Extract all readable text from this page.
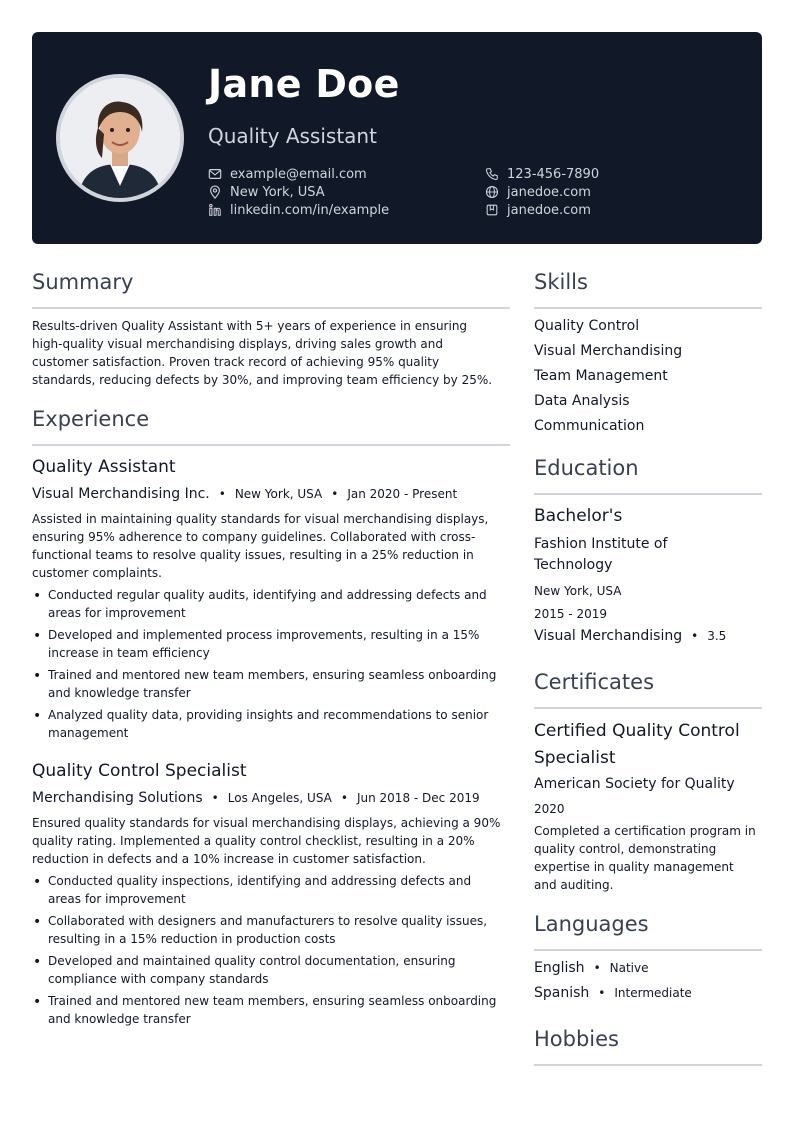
Jane Doe
Quality Assistant
example@email.com
New York, USA
linkedin.com/in/example
123-456-7890
janedoe.com
janedoe.com
Summary
Results-driven Quality Assistant with 5+ years of experience in ensuring
high-quality visual merchandising displays, driving sales growth and
customer satisfaction. Proven track record of achieving 95% quality
standards, reducing defects by 30%, and improving team efficiency by 25%.
Experience
Quality Assistant
Visual Merchandising Inc. • New York, USA • Jan 2020 - Present
Assisted in maintaining quality standards for visual merchandising displays,
ensuring 95% adherence to company guidelines. Collaborated with cross-
functional teams to resolve quality issues, resulting in a 25% reduction in
customer complaints.
• Conducted regular quality audits, identifying and addressing defects and
areas for improvement
• Developed and implemented process improvements, resulting in a 15%
increase in team efficiency
• Trained and mentored new team members, ensuring seamless onboarding
and knowledge transfer
• Analyzed quality data, providing insights and recommendations to senior
management
Quality Control Specialist
Merchandising Solutions • Los Angeles, USA • Jun 2018 - Dec 2019
Ensured quality standards for visual merchandising displays, achieving a 90%
quality rating. Implemented a quality control checklist, resulting in a 20%
reduction in defects and a 10% increase in customer satisfaction.
• Conducted quality inspections, identifying and addressing defects and
areas for improvement
• Collaborated with designers and manufacturers to resolve quality issues,
resulting in a 15% reduction in production costs
• Developed and maintained quality control documentation, ensuring
compliance with company standards
• Trained and mentored new team members, ensuring seamless onboarding
and knowledge transfer
Skills
Quality Control
Visual Merchandising
Team Management
Data Analysis
Communication
Education
Bachelor's
Fashion Institute of
Technology
New York, USA
2015 - 2019
Visual Merchandising • 3.5
Certificates
Certified Quality Control
Specialist
American Society for Quality
2020
Completed a certification program in
quality control, demonstrating
expertise in quality management
and auditing.
Languages
English • Native
Spanish • Intermediate
Hobbies
